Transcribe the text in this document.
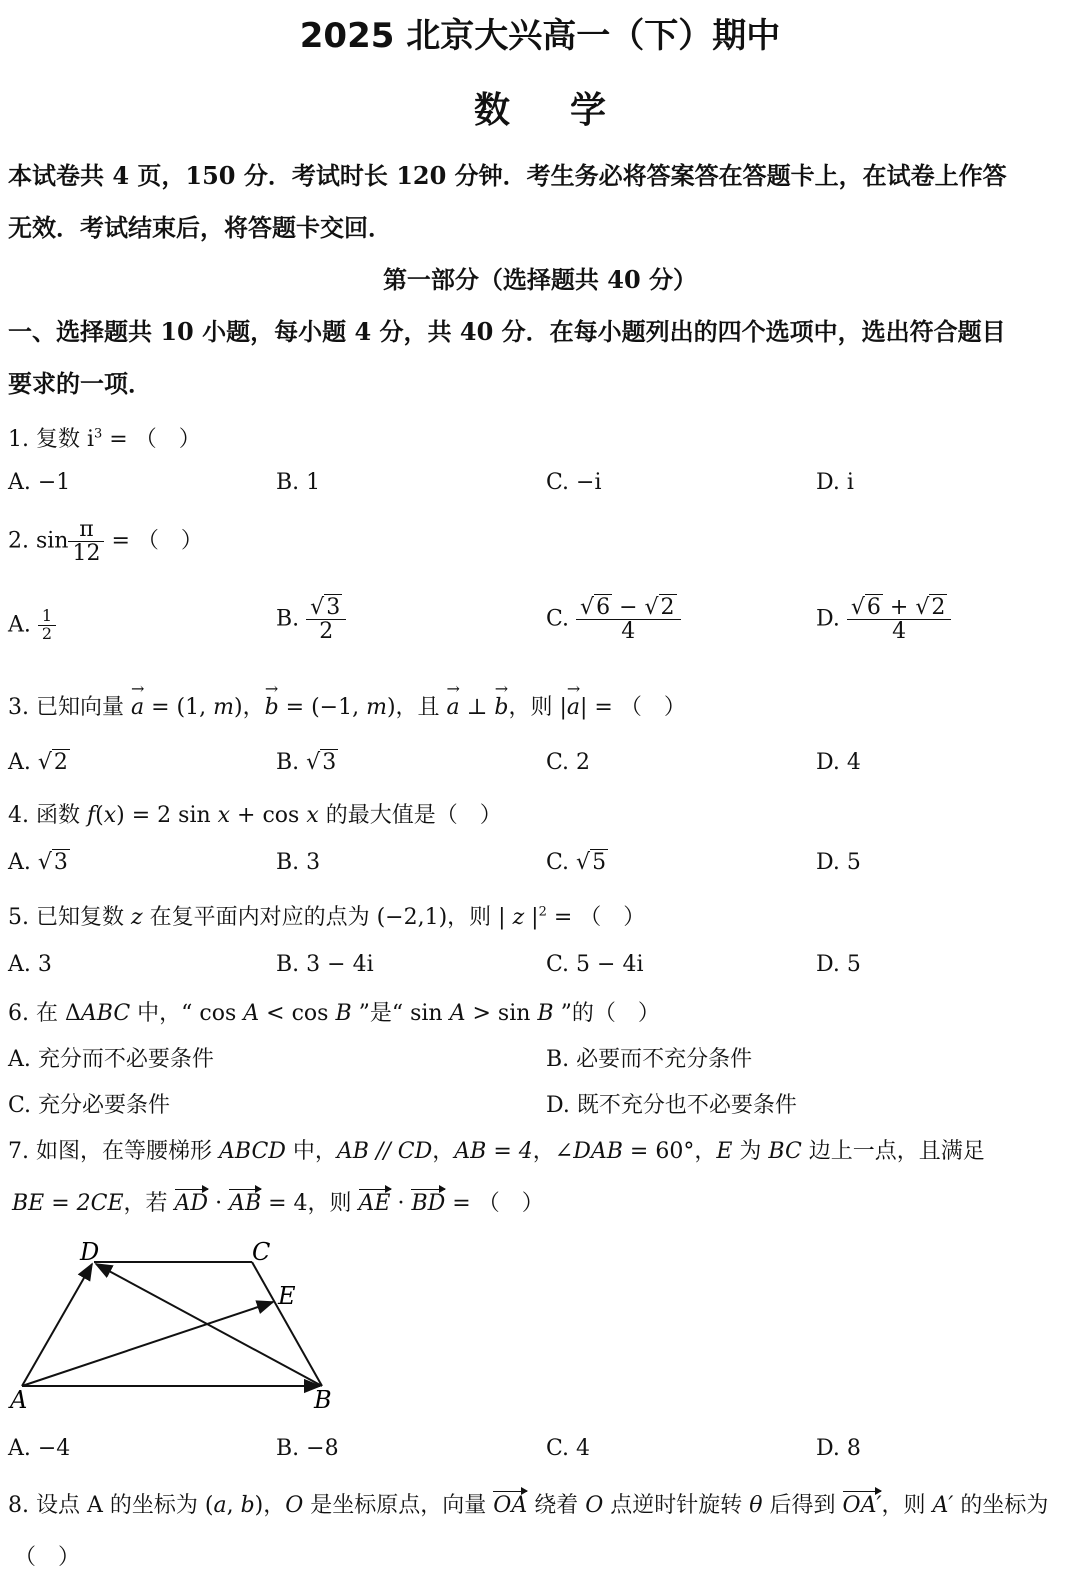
2025 北京大兴高一（下）期中
数学
本试卷共 4 页，150 分．考试时长 120 分钟．考生务必将答案答在答题卡上，在试卷上作答
无效．考试结束后，将答题卡交回．
第一部分（选择题共 40 分）
一、选择题共 10 小题，每小题 4 分，共 40 分．在每小题列出的四个选项中，选出符合题目
要求的一项．
1. 复数 $i^3$ = （　）
A. −1	B. 1	C. −i	D. i
2. $\sin \frac{\pi}{12}$ = （　）
A. $\frac{1}{2}$	B. $\frac{√3}{2}$	C. $\frac{√6 - √2}{4}$	D. $\frac{√6 + √2}{4}$
3. 已知向量 → a = (1, m)，→ b = (−1, m)，且 → a ⊥ → b，则 |→ a| = （　）
A. √2	B. √3	C. 2	D. 4
4. 函数 f(x) = 2 sin x + cos x 的最大值是（　）
A. √3	B. 3	C. √5	D. 5
5. 已知复数 z 在复平面内对应的点为 (−2,1)，则 | z $|^2$ = （　）
A. 3	B. 3 − 4i	C. 5 − 4i	D. 5
6. 在 ΔABC 中，“ cos A < cos B ”是“ sin A > sin B ”的（　）
A. 充分而不必要条件	B. 必要而不充分条件
C. 充分必要条件	D. 既不充分也不必要条件
7. 如图，在等腰梯形 ABCD 中，AB // CD，AB = 4，∠DAB = 60°，E 为 BC 边上一点，且满足
BE = 2CE，若 AD · AB = 4，则 AE · BD = （　）
D	C
E
A	B
A. −4	B. −8	C. 4	D. 8
8. 设点 A 的坐标为 (a, b)，O 是坐标原点，向量 OA 绕着 O 点逆时针旋转 θ 后得到 OA′，则 A′ 的坐标为
（　）
